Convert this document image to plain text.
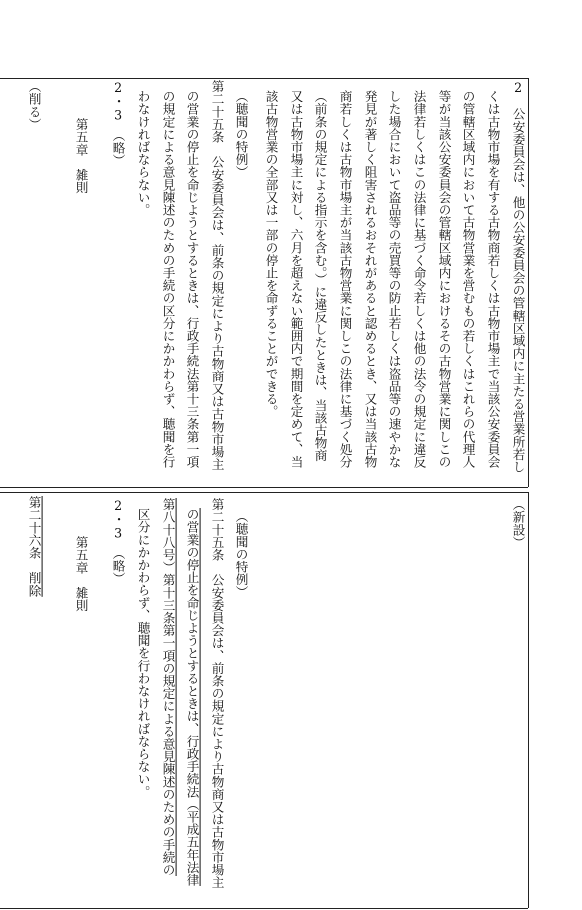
2　公安委員会は、他の公安委員会の管轄区域内に主たる営業所若し
くは古物市場を有する古物商若しくは古物市場主で当該公安委員会
の管轄区域内において古物営業を営むもの若しくはこれらの代理人
等が当該公安委員会の管轄区域内におけるその古物営業に関しこの
法律若しくはこの法律に基づく命令若しくは他の法令の規定に違反
した場合において盗品等の売買等の防止若しくは盗品等の速やかな
発見が著しく阻害されるおそれがあると認めるとき、又は当該古物
商若しくは古物市場主が当該古物営業に関しこの法律に基づく処分
（前条の規定による指示を含む。）に違反したときは、当該古物商
又は古物市場主に対し、六月を超えない範囲内で期間を定めて、当
該古物営業の全部又は一部の停止を命ずることができる。
（聴聞の特例）
第二十五条　公安委員会は、前条の規定により古物商又は古物市場主
の営業の停止を命じようとするときは、行政手続法第十三条第一項
の規定による意見陳述のための手続の区分にかかわらず、聴聞を行
わなければならない。
2・3　（略）
第五章　雑則
（削る）
（新設）
（聴聞の特例）
第二十五条　公安委員会は、前条の規定により古物商又は古物市場主
の営業の停止を命じようとするときは、行政手続法（平成五年法律
第八十八号）第十三条第一項の規定による意見陳述のための手続の
区分にかかわらず、聴聞を行わなければならない。
2・3　（略）
第五章　雑則
第二十六条　削除
